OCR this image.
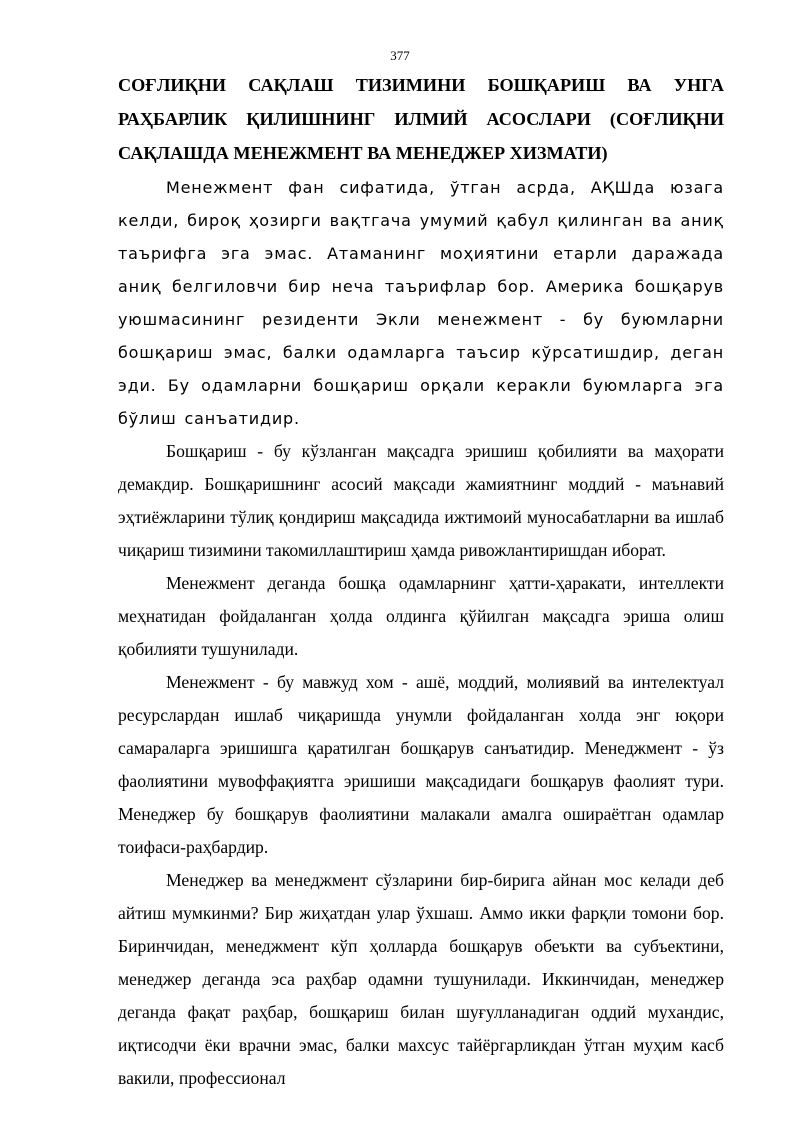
377
СОҒЛИҚНИ САҚЛАШ ТИЗИМИНИ БОШҚАРИШ ВА УНГА РАҲБАРЛИК ҚИЛИШНИНГ ИЛМИЙ АСОСЛАРИ (СОҒЛИҚНИ САҚЛАШДА МЕНЕЖМЕНТ ВА МЕНЕДЖЕР ХИЗМАТИ)

Менежмент фан сифатида, ўтган асрда, АҚШда юзага келди, бироқ ҳозирги вақтгача умумий қабул қилинган ва аниқ таърифга эга эмас. Атаманинг моҳиятини етарли даражада аниқ белгиловчи бир неча таърифлар бор. Америка бошқарув уюшмасининг резиденти Экли менежмент - бу буюмларни бошқариш эмас, балки одамларга таъсир кўрсатишдир, деган эди. Бу одамларни бошқариш орқали керакли буюмларга эга бўлиш санъатидир.

Бошқариш - бу кўзланган мақсадга эришиш қобилияти ва маҳорати демакдир. Бошқаришнинг асосий мақсади жамиятнинг моддий - маънавий эҳтиёжларини тўлиқ қондириш мақсадида ижтимоий муносабатларни ва ишлаб чиқариш тизимини такомиллаштириш ҳамда ривожлантиришдан иборат.

Менежмент деганда бошқа одамларнинг ҳатти-ҳаракати, интеллекти меҳнатидан фойдаланган ҳолда олдинга қўйилган мақсадга эриша олиш қобилияти тушунилади.

Менежмент - бу мавжуд хом - ашё, моддий, молиявий ва интелектуал ресурслардан ишлаб чиқаришда унумли фойдаланган холда энг юқори самараларга эришишга қаратилган бошқарув санъатидир. Менеджмент - ўз фаолиятини мувоффақиятга эришиши мақсадидаги бошқарув фаолият тури. Менеджер бу бошқарув фаолиятини малакали амалга ошираётган одамлар тоифаси-раҳбардир.

Менеджер ва менеджмент сўзларини бир-бирига айнан мос келади деб айтиш мумкинми? Бир жиҳатдан улар ўхшаш. Аммо икки фарқли томони бор. Биринчидан, менеджмент кўп ҳолларда бошқарув обеъкти ва субъектини, менеджер деганда эса раҳбар одамни тушунилади. Иккинчидан, менеджер деганда фақат раҳбар, бошқариш билан шуғулланадиган оддий мухандис, иқтисодчи ёки врачни эмас, балки махсус тайёргарликдан ўтган муҳим касб вакили, профессионал
